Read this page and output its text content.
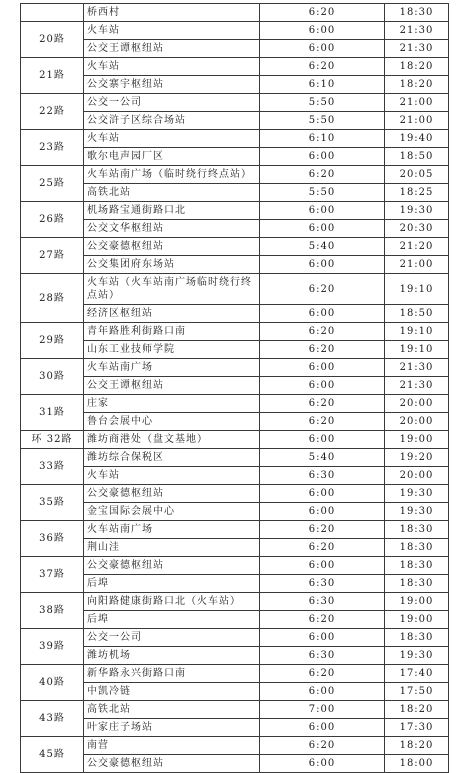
	桥西村	6:20	18:30
20路	火车站	6:00	21:30
	公交王谭枢纽站	6:00	21:30
21路	火车站	6:20	18:20
	公交寨宇枢纽站	6:10	18:20
22路	公交一公司	5:50	21:00
	公交浒子区综合场站	5:50	21:00
23路	火车站	6:10	19:40
	歌尔电声园厂区	6:00	18:50
25路	火车站南广场（临时绕行终点站）	6:20	20:05
	高铁北站	5:50	18:25
26路	机场路宝通街路口北	6:00	19:30
	公交文华枢纽站	6:00	20:30
27路	公交豪德枢纽站	5:40	21:20
	公交集团府东场站	6:00	21:00
28路	火车站（火车站南广场临时绕行终点站）	6:20	19:10
	经济区枢纽站	6:00	18:50
29路	青年路胜利街路口南	6:20	19:10
	山东工业技师学院	6:20	19:10
30路	火车站南广场	6:00	21:30
	公交王谭枢纽站	6:00	21:30
31路	庄家	6:20	20:00
	鲁台会展中心	6:20	20:00
环 32路	潍坊商港处（盘文基地）	6:00	19:00
33路	潍坊综合保税区	5:40	19:20
	火车站	6:30	20:00
35路	公交豪德枢纽站	6:00	19:30
	金宝国际会展中心	6:00	19:30
36路	火车站南广场	6:20	18:30
	荆山洼	6:20	18:30
37路	公交豪德枢纽站	6:00	18:30
	后埠	6:30	18:30
38路	向阳路健康街路口北（火车站）	6:30	19:00
	后埠	6:20	19:00
39路	公交一公司	6:00	18:30
	潍坊机场	6:30	19:30
40路	新华路永兴街路口南	6:20	17:40
	中凯冷链	6:00	17:50
43路	高铁北站	7:00	18:20
	叶家庄子场站	6:00	17:30
45路	南营	6:20	18:20
	公交豪德枢纽站	6:00	18:00
